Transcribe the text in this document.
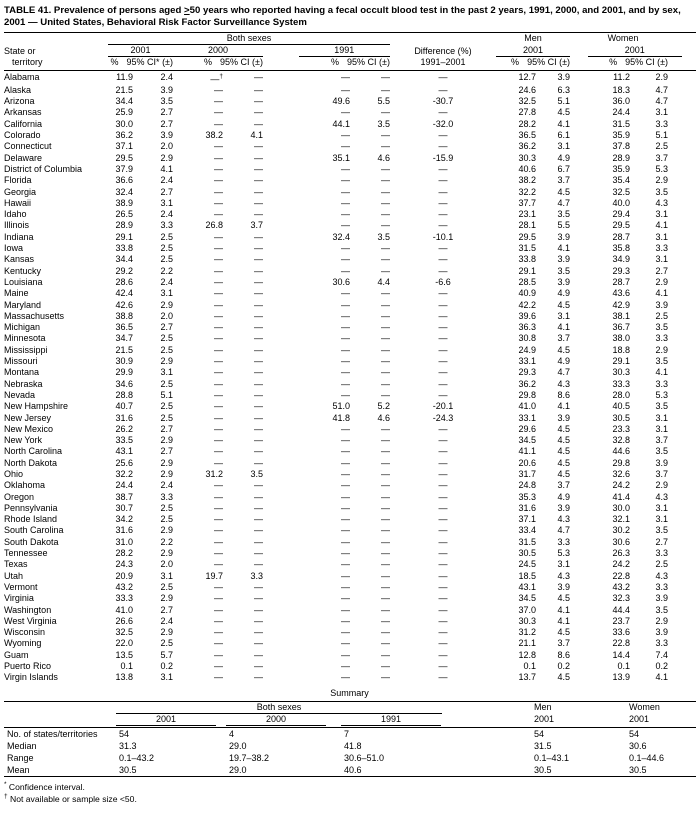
TABLE 41. Prevalence of persons aged ≥50 years who reported having a fecal occult blood test in the past 2 years, 1991, 2000, and 2001, and by sex, 2001 — United States, Behavioral Risk Factor Surveillance System
	Both sexes							Men		Women	
State or	2001		2000		1991		Difference (%)	2001		2001	

territory	% 95% CI* (±)		% 95% CI (±)		% 95% CI (±)		1991–2001	% 95% CI (±)		% 95% CI (±)	

Alabama	11.9	2.4	—†	—	—	—	—	12.7	3.9	11.2	2.9
Alaska	21.5	3.9	—	—	—	—	—	24.6	6.3	18.3	4.7
Arizona	34.4	3.5	—	—	49.6	5.5	-30.7	32.5	5.1	36.0	4.7
Arkansas	25.9	2.7	—	—	—	—	—	27.8	4.5	24.4	3.1
California	30.0	2.7	—	—	44.1	3.5	-32.0	28.2	4.1	31.5	3.3
Colorado	36.2	3.9	38.2	4.1	—	—	—	36.5	6.1	35.9	5.1
Connecticut	37.1	2.0	—	—	—	—	—	36.2	3.1	37.8	2.5
Delaware	29.5	2.9	—	—	35.1	4.6	-15.9	30.3	4.9	28.9	3.7
District of Columbia	37.9	4.1	—	—	—	—	—	40.6	6.7	35.9	5.3
Florida	36.6	2.4	—	—	—	—	—	38.2	3.7	35.4	2.9
Georgia	32.4	2.7	—	—	—	—	—	32.2	4.5	32.5	3.5
Hawaii	38.9	3.1	—	—	—	—	—	37.7	4.7	40.0	4.3
Idaho	26.5	2.4	—	—	—	—	—	23.1	3.5	29.4	3.1
Illinois	28.9	3.3	26.8	3.7	—	—	—	28.1	5.5	29.5	4.1
Indiana	29.1	2.5	—	—	32.4	3.5	-10.1	29.5	3.9	28.7	3.1
Iowa	33.8	2.5	—	—	—	—	—	31.5	4.1	35.8	3.3
Kansas	34.4	2.5	—	—	—	—	—	33.8	3.9	34.9	3.1
Kentucky	29.2	2.2	—	—	—	—	—	29.1	3.5	29.3	2.7
Louisiana	28.6	2.4	—	—	30.6	4.4	-6.6	28.5	3.9	28.7	2.9
Maine	42.4	3.1	—	—	—	—	—	40.9	4.9	43.6	4.1
Maryland	42.6	2.9	—	—	—	—	—	42.2	4.5	42.9	3.9
Massachusetts	38.8	2.0	—	—	—	—	—	39.6	3.1	38.1	2.5
Michigan	36.5	2.7	—	—	—	—	—	36.3	4.1	36.7	3.5
Minnesota	34.7	2.5	—	—	—	—	—	30.8	3.7	38.0	3.3
Mississippi	21.5	2.5	—	—	—	—	—	24.9	4.5	18.8	2.9
Missouri	30.9	2.9	—	—	—	—	—	33.1	4.9	29.1	3.5
Montana	29.9	3.1	—	—	—	—	—	29.3	4.7	30.3	4.1
Nebraska	34.6	2.5	—	—	—	—	—	36.2	4.3	33.3	3.3
Nevada	28.8	5.1	—	—	—	—	—	29.8	8.6	28.0	5.3
New Hampshire	40.7	2.5	—	—	51.0	5.2	-20.1	41.0	4.1	40.5	3.5
New Jersey	31.6	2.5	—	—	41.8	4.6	-24.3	33.1	3.9	30.5	3.1
New Mexico	26.2	2.7	—	—	—	—	—	29.6	4.5	23.3	3.1
New York	33.5	2.9	—	—	—	—	—	34.5	4.5	32.8	3.7
North Carolina	43.1	2.7	—	—	—	—	—	41.1	4.5	44.6	3.5
North Dakota	25.6	2.9	—	—	—	—	—	20.6	4.5	29.8	3.9
Ohio	32.2	2.9	31.2	3.5	—	—	—	31.7	4.5	32.6	3.7
Oklahoma	24.4	2.4	—	—	—	—	—	24.8	3.7	24.2	2.9
Oregon	38.7	3.3	—	—	—	—	—	35.3	4.9	41.4	4.3
Pennsylvania	30.7	2.5	—	—	—	—	—	31.6	3.9	30.0	3.1
Rhode Island	34.2	2.5	—	—	—	—	—	37.1	4.3	32.1	3.1
South Carolina	31.6	2.9	—	—	—	—	—	33.4	4.7	30.2	3.5
South Dakota	31.0	2.2	—	—	—	—	—	31.5	3.3	30.6	2.7
Tennessee	28.2	2.9	—	—	—	—	—	30.5	5.3	26.3	3.3
Texas	24.3	2.0	—	—	—	—	—	24.5	3.1	24.2	2.5
Utah	20.9	3.1	19.7	3.3	—	—	—	18.5	4.3	22.8	4.3
Vermont	43.2	2.5	—	—	—	—	—	43.1	3.9	43.2	3.3
Virginia	33.3	2.9	—	—	—	—	—	34.5	4.5	32.3	3.9
Washington	41.0	2.7	—	—	—	—	—	37.0	4.1	44.4	3.5
West Virginia	26.6	2.4	—	—	—	—	—	30.3	4.1	23.7	2.9
Wisconsin	32.5	2.9	—	—	—	—	—	31.2	4.5	33.6	3.9
Wyoming	22.0	2.5	—	—	—	—	—	21.1	3.7	22.8	3.3
Guam	13.5	5.7	—	—	—	—	—	12.8	8.6	14.4	7.4
Puerto Rico	0.1	0.2	—	—	—	—	—	0.1	0.2	0.1	0.2
Virgin Islands	13.8	3.1	—	—	—	—	—	13.7	4.5	13.9	4.1
Summary

	Both sexes			Men	Women

	2001	2000	1991	2001	2001
No. of states/territories	54	4	7	54	54
Median	31.3	29.0	41.8	31.5	30.6
Range	0.1–43.2	19.7–38.2	30.6–51.0	0.1–43.1	0.1–44.6
Mean	30.5	29.0	40.6	30.5	30.5
* Confidence interval.
† Not available or sample size <50.
